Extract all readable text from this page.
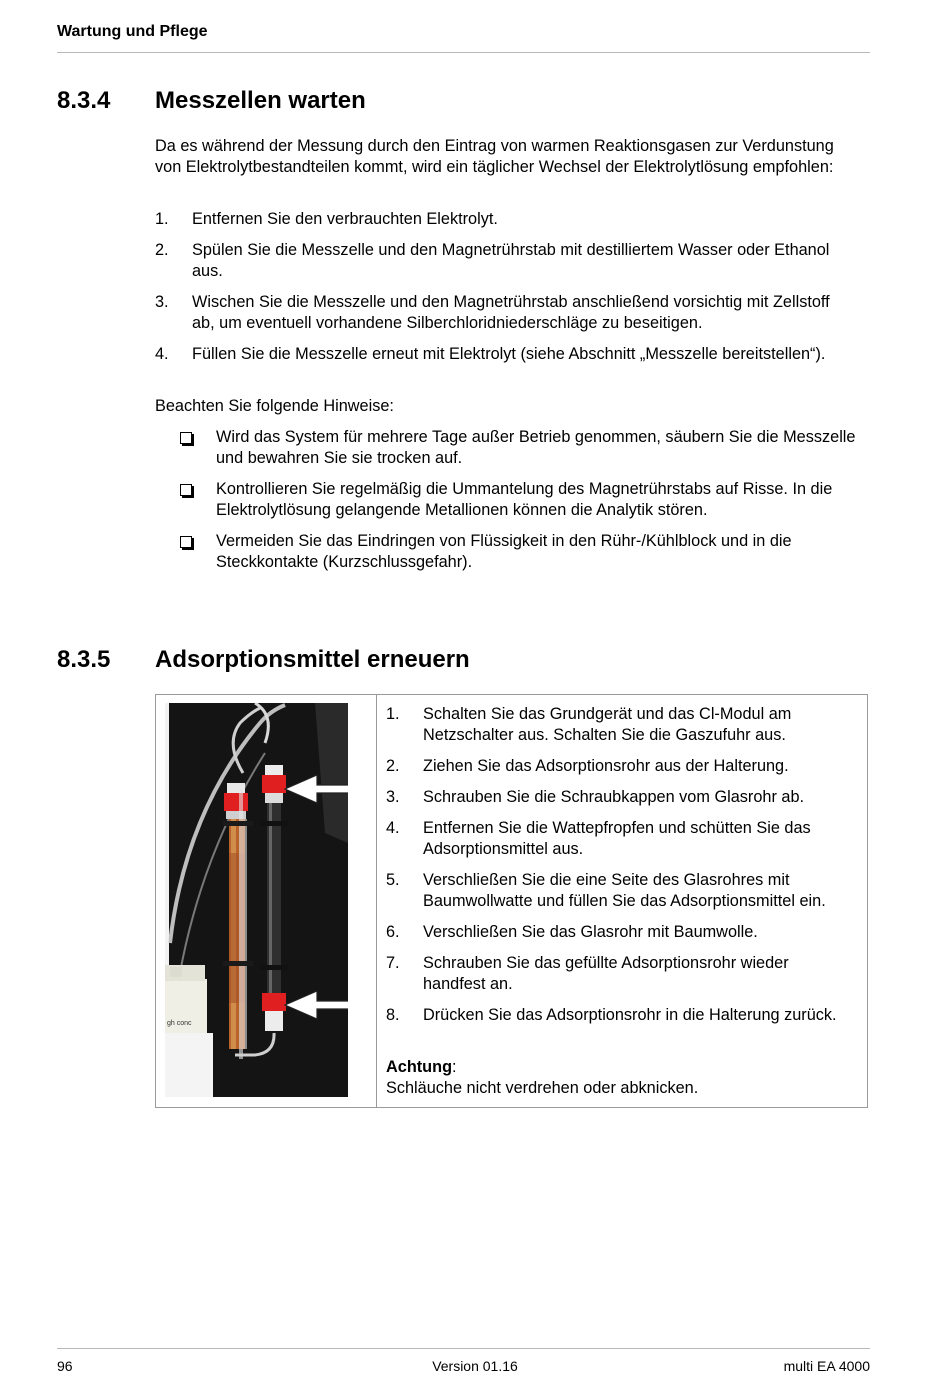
Wartung und Pflege
8.3.4 Messzellen warten
Da es während der Messung durch den Eintrag von warmen Reaktionsgasen zur Verdunstung von Elektrolytbestandteilen kommt, wird ein täglicher Wechsel der Elektrolytlösung empfohlen:
1. Entfernen Sie den verbrauchten Elektrolyt.
2. Spülen Sie die Messzelle und den Magnetrührstab mit destilliertem Wasser oder Ethanol aus.
3. Wischen Sie die Messzelle und den Magnetrührstab anschließend vorsichtig mit Zellstoff ab, um eventuell vorhandene Silberchloridniederschläge zu beseitigen.
4. Füllen Sie die Messzelle erneut mit Elektrolyt (siehe Abschnitt „Messzelle bereitstellen“).
Beachten Sie folgende Hinweise:
Wird das System für mehrere Tage außer Betrieb genommen, säubern Sie die Messzelle und bewahren Sie sie trocken auf.
Kontrollieren Sie regelmäßig die Ummantelung des Magnetrührstabs auf Risse. In die Elektrolytlösung gelangende Metallionen können die Analytik stören.
Vermeiden Sie das Eindringen von Flüssigkeit in den Rühr-/Kühlblock und in die Steckkontakte (Kurzschlussgefahr).
8.3.5 Adsorptionsmittel erneuern
gh conc
1. Schalten Sie das Grundgerät und das Cl-Modul am Netzschalter aus. Schalten Sie die Gaszufuhr aus.
2. Ziehen Sie das Adsorptionsrohr aus der Halterung.
3. Schrauben Sie die Schraubkappen vom Glasrohr ab.
4. Entfernen Sie die Wattepfropfen und schütten Sie das Adsorptionsmittel aus.
5. Verschließen Sie die eine Seite des Glasrohres mit Baumwollwatte und füllen Sie das Adsorptionsmittel ein.
6. Verschließen Sie das Glasrohr mit Baumwolle.
7. Schrauben Sie das gefüllte Adsorptionsrohr wieder handfest an.
8. Drücken Sie das Adsorptionsrohr in die Halterung zurück.
Achtung:
Schläuche nicht verdrehen oder abknicken.
96	Version 01.16	multi EA 4000
